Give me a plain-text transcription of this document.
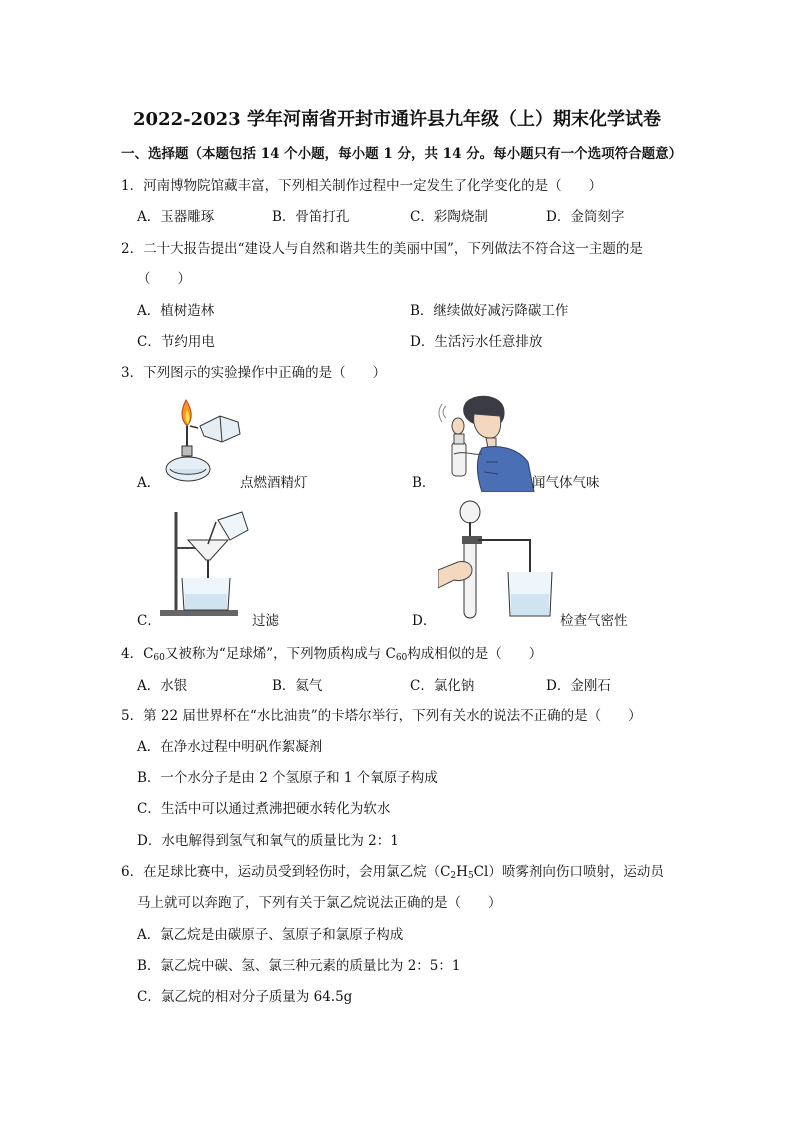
2022-2023 学年河南省开封市通许县九年级（上）期末化学试卷
一、选择题（本题包括 14 个小题，每小题 1 分，共 14 分。每小题只有一个选项符合题意）
1．河南博物院馆藏丰富，下列相关制作过程中一定发生了化学变化的是（　　）
A．玉器雕琢	B．骨笛打孔	C．彩陶烧制	D．金筒刻字
2．二十大报告提出“建设人与自然和谐共生的美丽中国”，下列做法不符合这一主题的是
（　　）
A．植树造林	B．继续做好减污降碳工作
C．节约用电	D．生活污水任意排放
3．下列图示的实验操作中正确的是（　　）
A．	点燃酒精灯	B．	闻气体气味
C．	过滤	D．	检查气密性
4．$C_{60}$又被称为“足球烯”，下列物质构成与 $C_{60}$构成相似的是（　　）
A．水银	B．氦气	C．氯化钠	D．金刚石
5．第 22 届世界杯在“水比油贵”的卡塔尔举行，下列有关水的说法不正确的是（　　）
A．在净水过程中明矾作絮凝剂
B．一个水分子是由 2 个氢原子和 1 个氧原子构成
C．生活中可以通过煮沸把硬水转化为软水
D．水电解得到氢气和氧气的质量比为 2：1
6．在足球比赛中，运动员受到轻伤时，会用氯乙烷$(C_2H_5Cl)$喷雾剂向伤口喷射，运动员
马上就可以奔跑了，下列有关于氯乙烷说法正确的是（　　）
A．氯乙烷是由碳原子、氢原子和氯原子构成
B．氯乙烷中碳、氢、氯三种元素的质量比为 2：5：1
C．氯乙烷的相对分子质量为 64.5g
